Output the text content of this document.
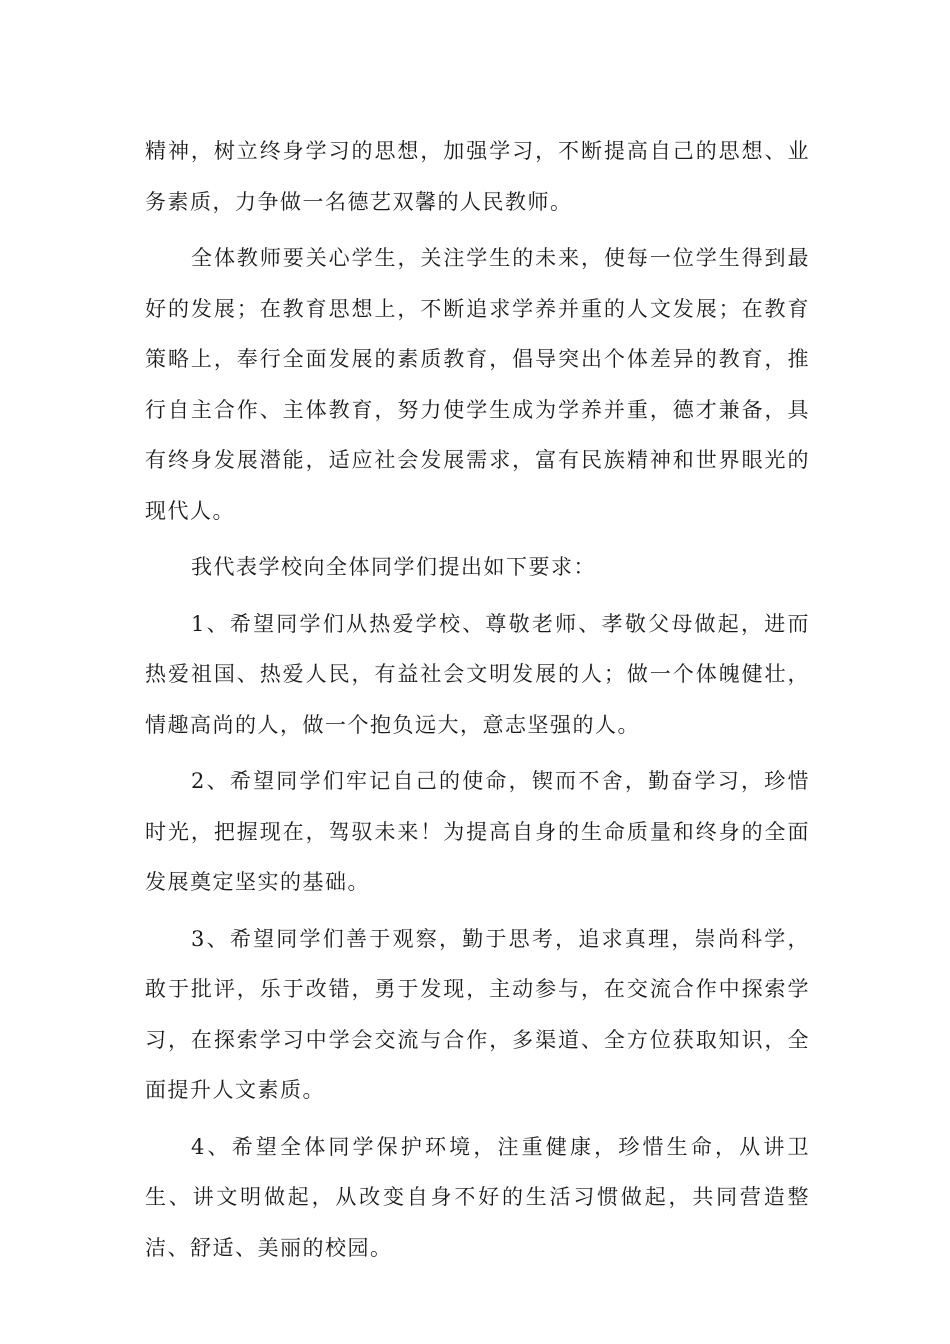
精神，树立终身学习的思想，加强学习，不断提高自己的思想、业务素质，力争做一名德艺双馨的人民教师。

全体教师要关心学生，关注学生的未来，使每一位学生得到最好的发展；在教育思想上，不断追求学养并重的人文发展；在教育策略上，奉行全面发展的素质教育，倡导突出个体差异的教育，推行自主合作、主体教育，努力使学生成为学养并重，德才兼备，具有终身发展潜能，适应社会发展需求，富有民族精神和世界眼光的现代人。

我代表学校向全体同学们提出如下要求：

1、希望同学们从热爱学校、尊敬老师、孝敬父母做起，进而热爱祖国、热爱人民，有益社会文明发展的人；做一个体魄健壮，情趣高尚的人，做一个抱负远大，意志坚强的人。

2、希望同学们牢记自己的使命，锲而不舍，勤奋学习，珍惜时光，把握现在，驾驭未来！为提高自身的生命质量和终身的全面发展奠定坚实的基础。

3、希望同学们善于观察，勤于思考，追求真理，崇尚科学，敢于批评，乐于改错，勇于发现，主动参与，在交流合作中探索学习，在探索学习中学会交流与合作，多渠道、全方位获取知识，全面提升人文素质。

4、希望全体同学保护环境，注重健康，珍惜生命，从讲卫生、讲文明做起，从改变自身不好的生活习惯做起，共同营造整洁、舒适、美丽的校园。
